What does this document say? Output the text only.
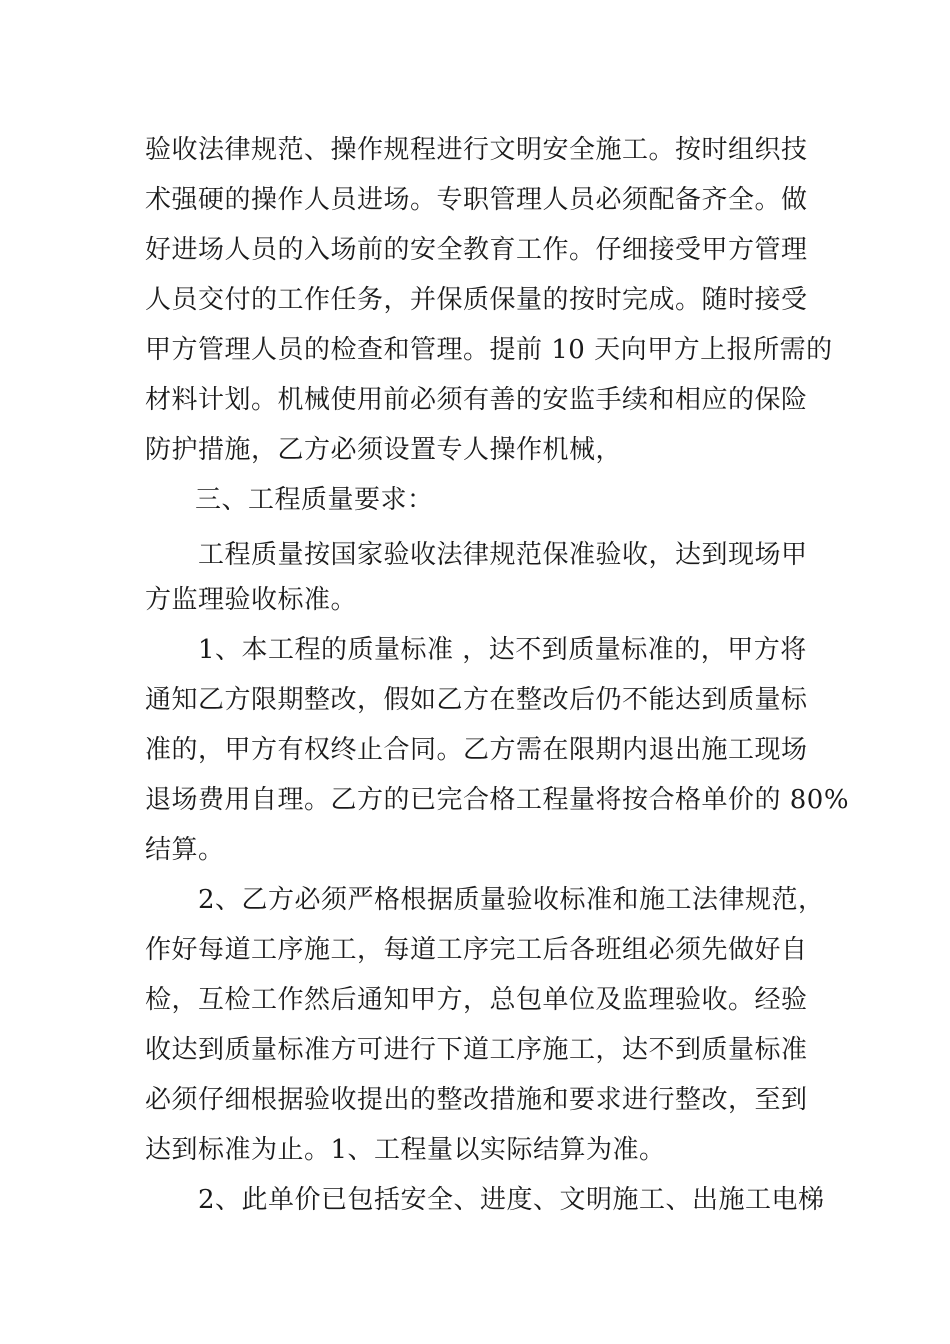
验收法律规范、操作规程进行文明安全施工。按时组织技
术强硬的操作人员进场。专职管理人员必须配备齐全。做
好进场人员的入场前的安全教育工作。仔细接受甲方管理
人员交付的工作任务，并保质保量的按时完成。随时接受
甲方管理人员的检查和管理。提前 10 天向甲方上报所需的
材料计划。机械使用前必须有善的安监手续和相应的保险
防护措施，乙方必须设置专人操作机械，
三、工程质量要求：
工程质量按国家验收法律规范保准验收，达到现场甲
方监理验收标准。
1、本工程的质量标准 ，达不到质量标准的，甲方将
通知乙方限期整改，假如乙方在整改后仍不能达到质量标
准的，甲方有权终止合同。乙方需在限期内退出施工现场
退场费用自理。乙方的已完合格工程量将按合格单价的 80%
结算。
2、乙方必须严格根据质量验收标准和施工法律规范，
作好每道工序施工，每道工序完工后各班组必须先做好自
检，互检工作然后通知甲方，总包单位及监理验收。经验
收达到质量标准方可进行下道工序施工，达不到质量标准
必须仔细根据验收提出的整改措施和要求进行整改，至到
达到标准为止。1、工程量以实际结算为准。
2、此单价已包括安全、进度、文明施工、出施工电梯
